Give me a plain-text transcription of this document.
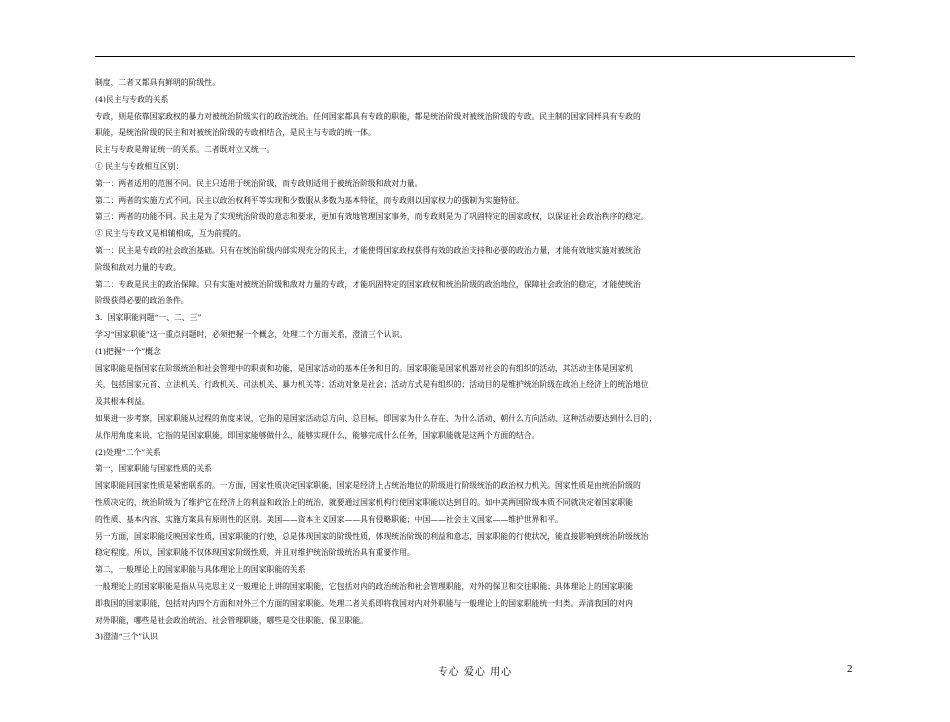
制度，二者又都具有鲜明的阶级性。
(4)民主与专政的关系
专政，则是依靠国家政权的暴力对被统治阶级实行的政治统治。任何国家都具有专政的职能，都是统治阶级对被统治阶级的专政。民主制的国家同样具有专政的
职能，是统治阶级的民主和对被统治阶级的专政相结合，是民主与专政的统一体。
民主与专政是辩证统一的关系。二者既对立又统一。
① 民主与专政相互区别：
第一：两者适用的范围不同。民主只适用于统治阶级，而专政则适用于被统治阶级和敌对力量。
第二：两者的实施方式不同。民主以政治权利平等实现和少数服从多数为基本特征，而专政则以国家权力的强制为实施特征。
第三：两者的功能不同。民主是为了实现统治阶级的意志和要求，更加有效地管理国家事务，而专政则是为了巩固特定的国家政权，以保证社会政治秩序的稳定。
② 民主与专政又是相辅相成，互为前提的。
第一：民主是专政的社会政治基础。只有在统治阶级内部实现充分的民主，才能使得国家政权获得有效的政治支持和必要的政治力量，才能有效地实施对被统治
阶级和敌对力量的专政。
第二：专政是民主的政治保障。只有实施对被统治阶级和敌对力量的专政，才能巩固特定的国家政权和统治阶级的政治地位，保障社会政治的稳定，才能使统治
阶级获得必要的政治条件。
3．国家职能问题“一、二、三”
学习“国家职能”这一重点问题时，必须把握一个概念，处理二个方面关系，澄清三个认识。
(1)把握“一个”概念
国家职能是指国家在阶级统治和社会管理中的职责和功能，是国家活动的基本任务和目的。国家职能是国家机器对社会的有组织的活动，其活动主体是国家机
关，包括国家元首、立法机关、行政机关、司法机关、暴力机关等；活动对象是社会；活动方式是有组织的；活动目的是维护统治阶级在政治上经济上的统治地位
及其根本利益。
如果进一步考察，国家职能从过程的角度来说，它指的是国家活动总方向、总目标，即国家为什么存在、为什么活动、朝什么方向活动、这种活动要达到什么目的；
从作用角度来说，它指的是国家职能，即国家能够做什么，能够实现什么，能够完成什么任务，国家职能就是这两个方面的结合。
(2)处理“二个”关系
第一，国家职能与国家性质的关系
国家职能同国家性质是紧密联系的。一方面，国家性质决定国家职能，国家是经济上占统治地位的阶级进行阶级统治的政治权力机关。国家性质是由统治阶级的
性质决定的，统治阶级为了维护它在经济上的利益和政治上的统治，就要通过国家机构行使国家职能以达到目的。如中美两国阶级本质不同就决定着国家职能
的性质、基本内容、实施方案具有原则性的区别。美国——资本主义国家——具有侵略职能；中国——社会主义国家——维护世界和平。
另一方面，国家职能反映国家性质，国家职能的行使，总是体现国家的阶级性质，体现统治阶级的利益和意志，国家职能的行使状况，能直接影响到统治阶级统治
稳定程度。所以，国家职能不仅体现国家阶级性质，并且对维护统治阶级统治具有重要作用。
第二，一般理论上的国家职能与具体理论上的国家职能的关系
一般理论上的国家职能是指从马克思主义一般理论上讲的国家职能，它包括对内的政治统治和社会管理职能，对外的保卫和交往职能；具体理论上的国家职能
即我国的国家职能，包括对内四个方面和对外三个方面的国家职能。处理二者关系即将我国对内对外职能与一般理论上的国家职能统一归类。弄清我国的对内
对外职能，哪些是社会政治统治、社会管理职能，哪些是交往职能、保卫职能。
3)澄清“三个”认识
专心 爱心 用心	2
